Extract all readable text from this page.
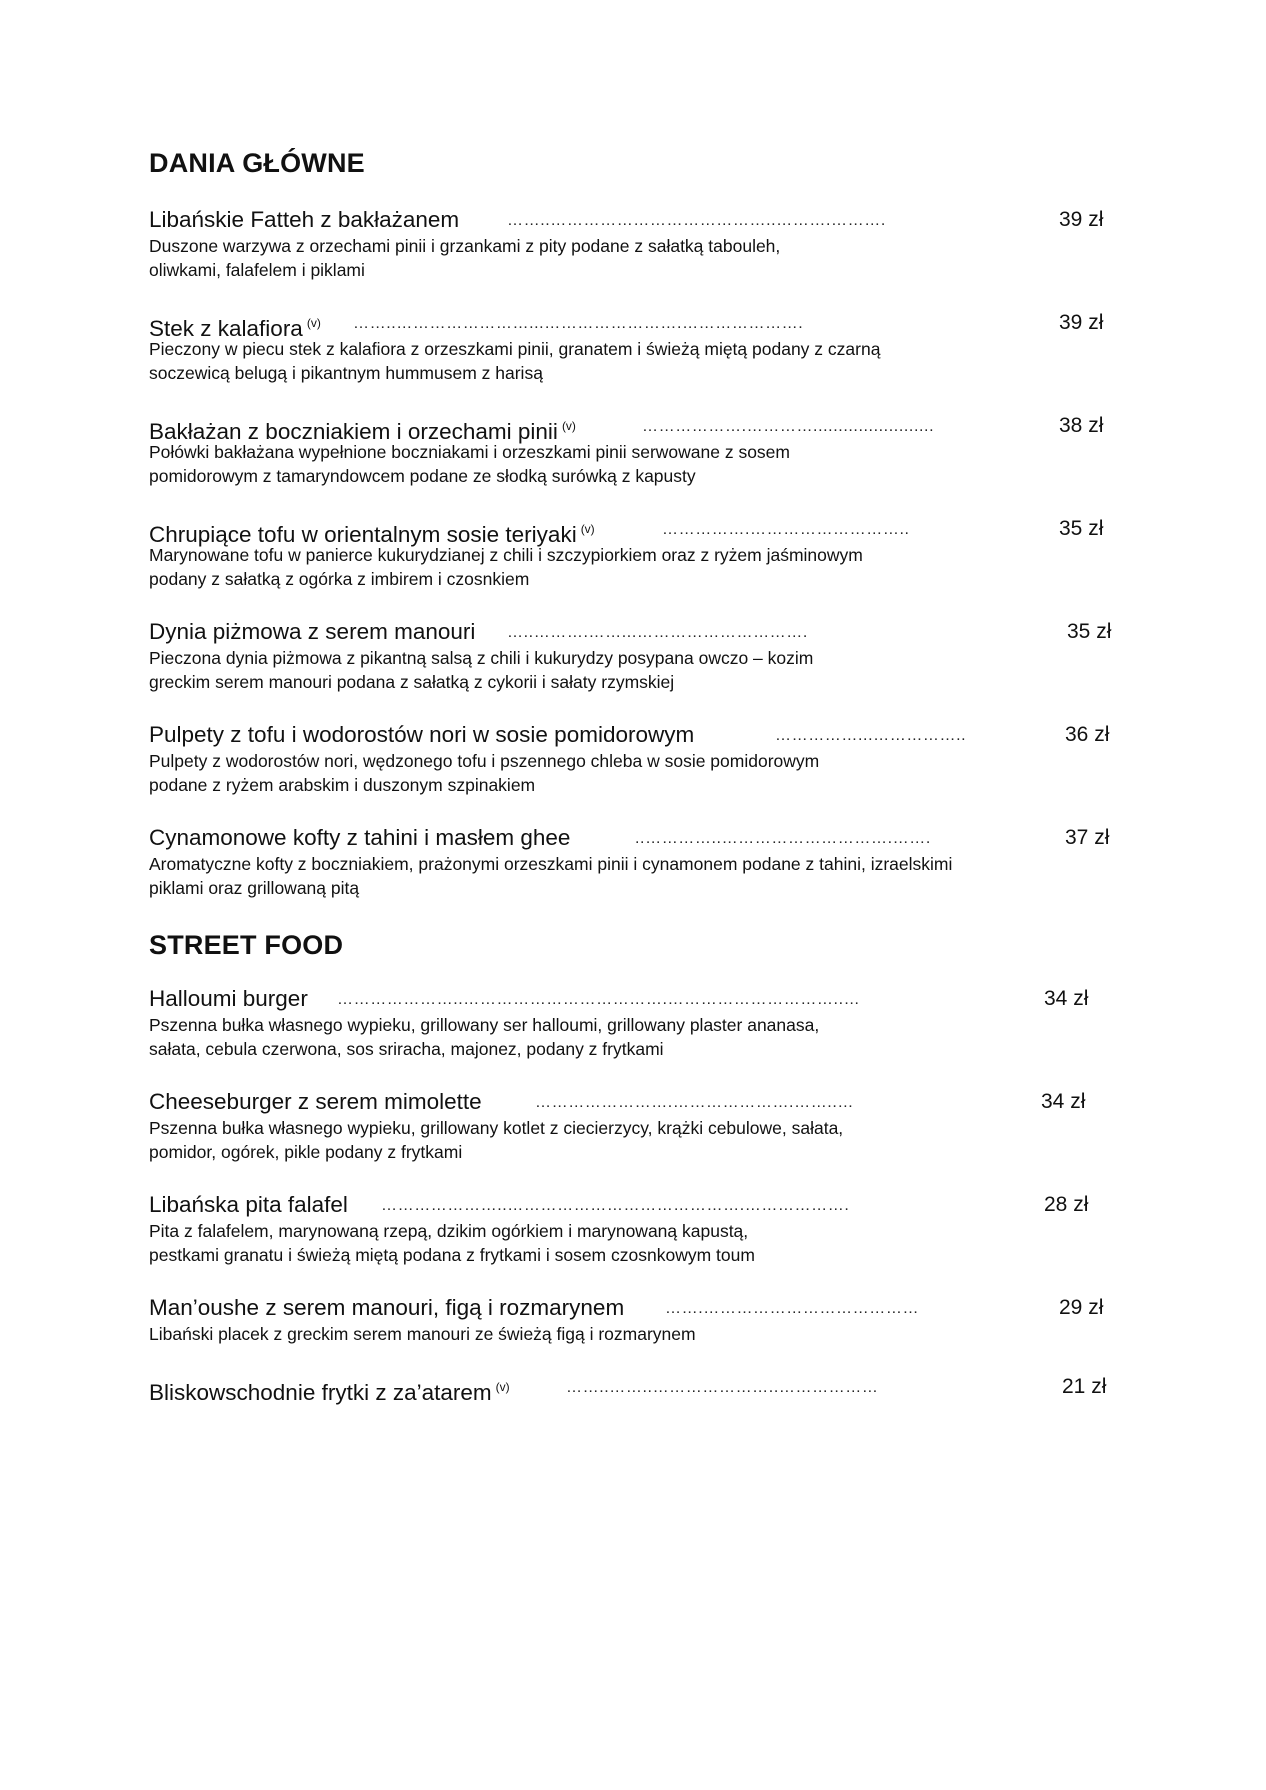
DANIA GŁÓWNE
Libańskie Fatteh z bakłażanem	……..…………………………………..……….……….	39 zł
Duszone warzywa z orzechami pinii i grzankami z pity podane z sałatką tabouleh,
oliwkami, falafelem i piklami
Stek z kalafiora $^{(v)}$ ……..……………………...…………………….………………….	39 zł
Pieczony w piecu stek z kalafiora z orzeszkami pinii, granatem i świeżą miętą podany z czarną
soczewicą belugą i pikantnym hummusem z harisą
Bakłażan z boczniakiem i orzechami pinii $^{(v)}$	……………….…………........................	38 zł
Połówki bakłażana wypełnione boczniakami i orzeszkami pinii serwowane z sosem
pomidorowym z tamaryndowcem podane ze słodką surówką z kapusty
Chrupiące tofu w orientalnym sosie teriyaki $^{(v)}$	…………….………………………..	35 zł
Marynowane tofu w panierce kukurydzianej z chili i szczypiorkiem oraz z ryżem jaśminowym
podany z sałatką z ogórka z imbirem i czosnkiem
Dynia piżmowa z serem manouri …..……….……...………………………….	35 zł
Pieczona dynia piżmowa z pikantną salsą z chili i kukurydzy posypana owczo – kozim
greckim serem manouri podana z sałatką z cykorii i sałaty rzymskiej
Pulpety z tofu i wodorostów nori w sosie pomidorowym	……………...……………..	36 zł
Pulpety z wodorostów nori, wędzonego tofu i pszennego chleba w sosie pomidorowym
podane z ryżem arabskim i duszonym szpinakiem
Cynamonowe kofty z tahini i masłem ghee	..…………..………………………….…….	37 zł
Aromatyczne kofty z boczniakiem, prażonymi orzeszkami pinii i cynamonem podane z tahini, izraelskimi
piklami oraz grillowaną pitą
STREET FOOD
Halloumi burger …………………..……………………………….…………………………..…	34 zł
Pszenna bułka własnego wypieku, grillowany ser halloumi, grillowany plaster ananasa,
sałata, cebula czerwona, sos sriracha, majonez, podany z frytkami
Cheeseburger z serem mimolette	…………………….………………….……..…	34 zł
Pszenna bułka własnego wypieku, grillowany kotlet z ciecierzycy, krążki cebulowe, sałata,
pomidor, ogórek, pikle podany z frytkami
Libańska pita falafel …………………..…………………………………….……………….	28 zł
Pita z falafelem, marynowaną rzepą, dzikim ogórkiem i marynowaną kapustą,
pestkami granatu i świeżą miętą podana z frytkami i sosem czosnkowym toum
Man’oushe z serem manouri, figą i rozmarynem	…….…………………………………	29 zł
Libański placek z greckim serem manouri ze świeżą figą i rozmarynem
Bliskowschodnie frytki z za’atarem $^{(v)}$	……..……..…………………..………………	21 zł
